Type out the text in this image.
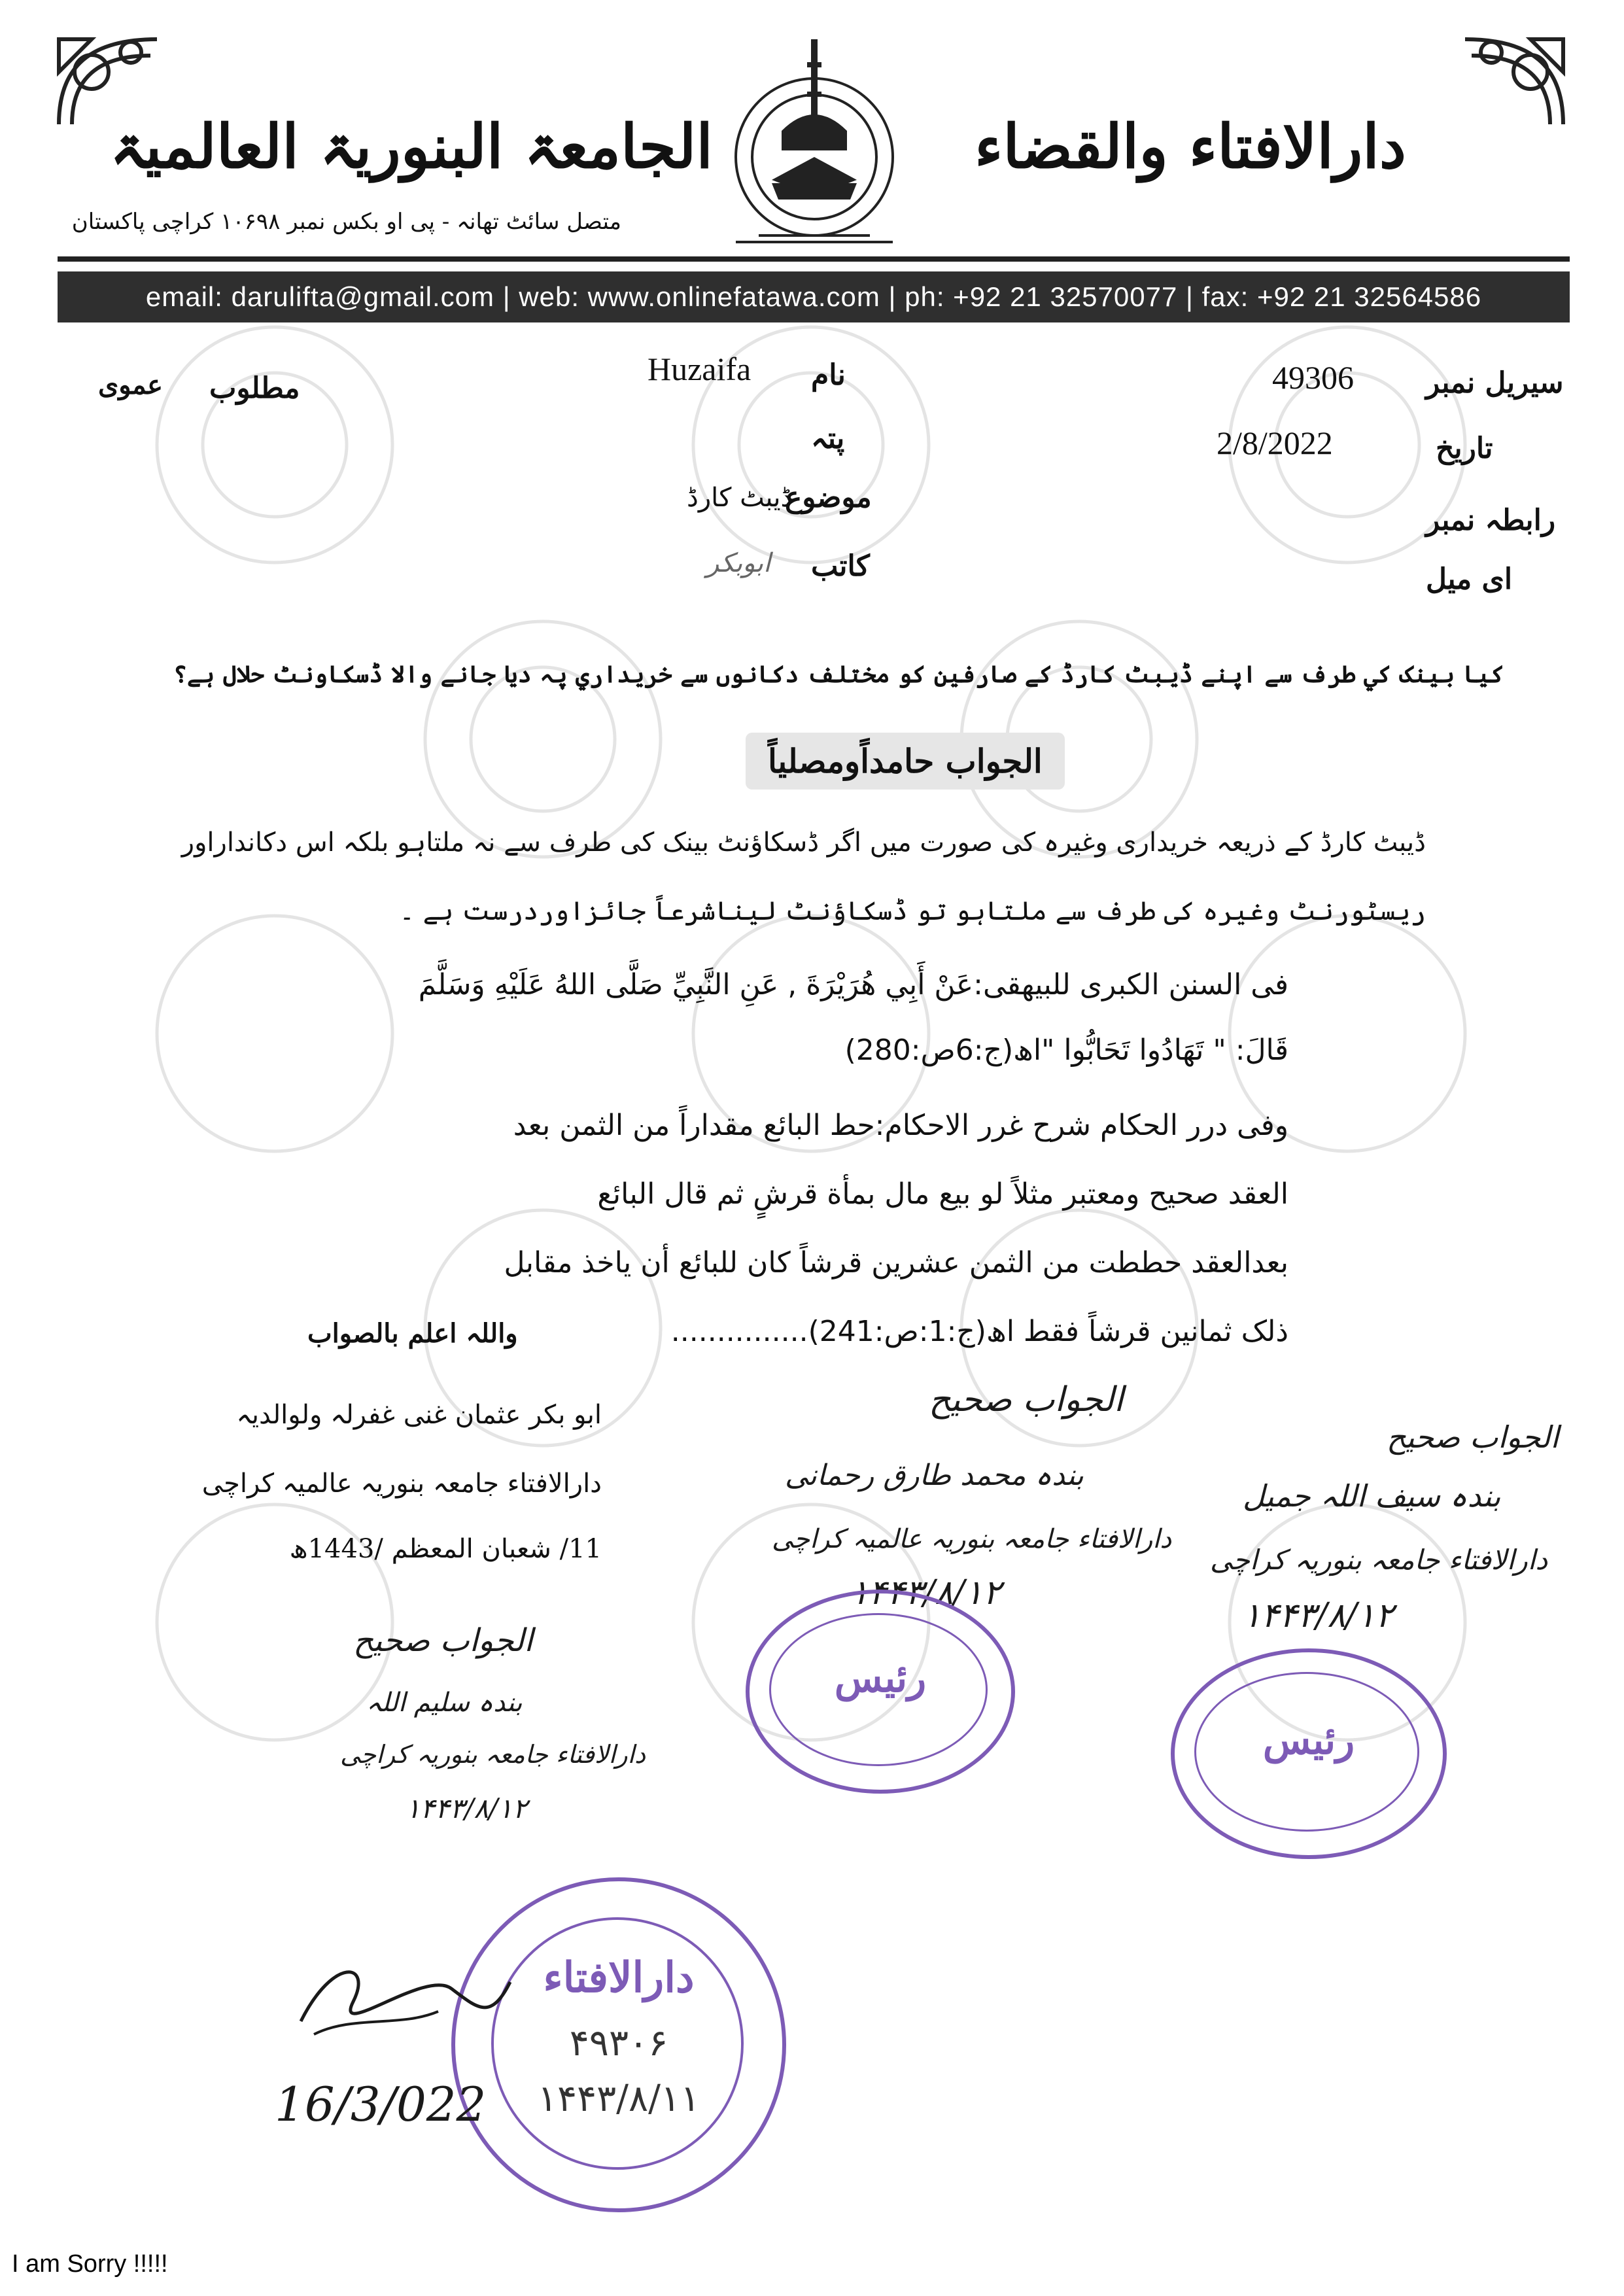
دارالافتاء والقضاء
الجامعۃ البنوریۃ العالمیۃ
متصل سائٹ تھانہ - پی او بکس نمبر ۱۰۶۹۸ کراچی پاکستان
email: darulifta@gmail.com | web: www.onlinefatawa.com | ph: +92 21 32570077 | fax: +92 21 32564586
سیریل نمبر
49306
تاریخ
2/8/2022
رابطہ نمبر
ای میل
نام
Huzaifa
پتہ
موضوع
ڈیبٹ کارڈ
کاتب
ابوبکر
مطلوب
عموی
کیا بینک کي طرف سے اپنے ڈیبٹ کارڈ کے صارفین کو مختلف دکانوں سے خریداري پہ دیا جانے والا ڈسکاونٹ حلال ہے؟
الجواب حامداًومصلیاً
ڈیبٹ کارڈ کے ذریعہ خریداری وغیرہ کی صورت میں اگر ڈسکاؤنٹ بینک کی طرف سے نہ ملتاہو بلکہ اس دکانداراور
ریسٹورنٹ وغیرہ کی طرف سے ملتاہو تو ڈسکاؤنٹ لیناشرعاً جائزاوردرست ہے ۔
فی السنن الکبری للبیھقی:عَنْ أَبِي هُرَيْرَةَ , عَنِ النَّبِيِّ صَلَّى اللهُ عَلَيْهِ وَسَلَّمَ
قَالَ: " تَهَادُوا تَحَابُّوا "اھ(ج:6ص:280)
وفی درر الحکام شرح غرر الاحکام:حط البائع مقداراً من الثمن بعد
العقد صحیح ومعتبر مثلاً لو بیع مال بمأة قرشٍ ثم قال البائع
بعدالعقد حططت من الثمن عشرین قرشاً کان للبائع أن یاخذ مقابل
ذلک ثمانین قرشاً فقط اھ(ج:1:ص:241)...............
واللہ اعلم بالصواب
ابو بکر عثمان غنی غفرلہ ولوالدیہ
دارالافتاء جامعہ بنوریہ عالمیہ کراچی
11/ شعبان المعظم /1443ھ
الجواب صحیح
بندہ محمد طارق رحمانی
دارالافتاء جامعہ بنوریہ عالمیہ کراچی
۱۴۴۳/۸/۱۲
رئیس
الجواب صحیح
بندہ سیف اللہ جمیل
دارالافتاء جامعہ بنوریہ کراچی
۱۴۴۳/۸/۱۲
رئیس
الجواب صحیح
بندہ سلیم اللہ
دارالافتاء جامعہ بنوریہ کراچی
۱۴۴۳/۸/۱۲
دارالافتاء
۴۹۳۰۶
۱۴۴۳/۸/۱۱
16/3/022
I am Sorry !!!!!
